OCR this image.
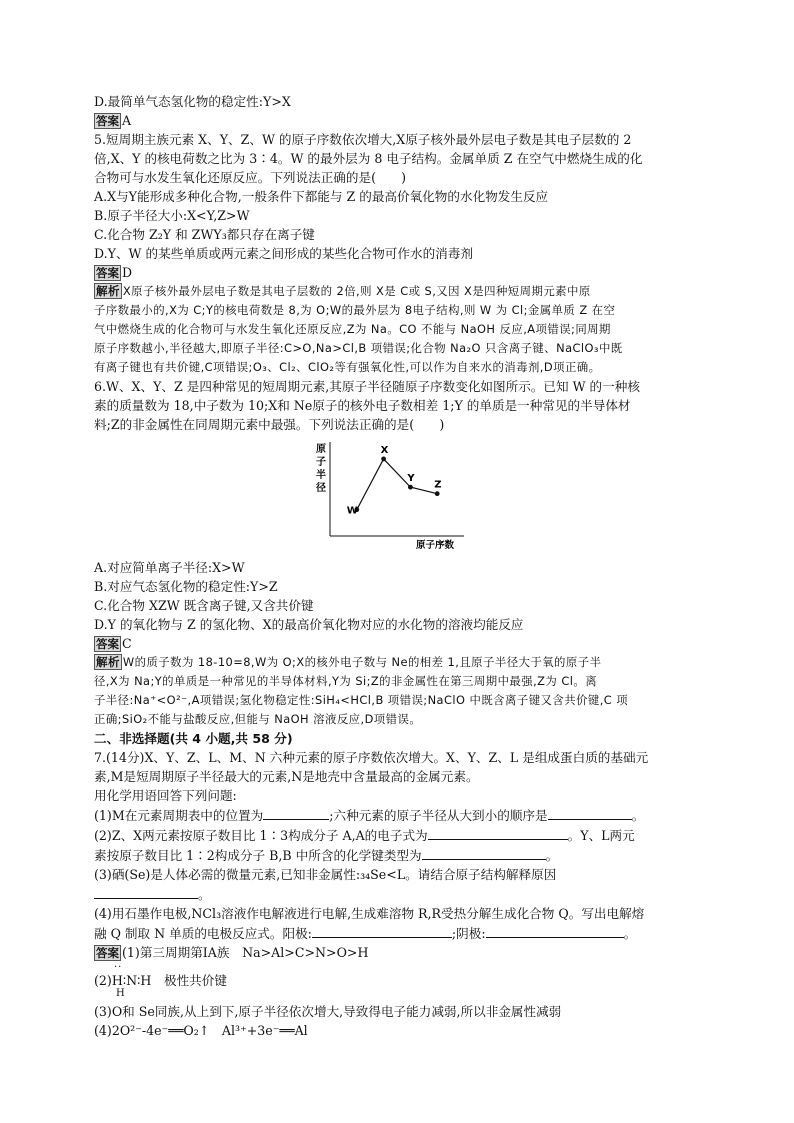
D.最简单气态氢化物的稳定性:Y>X
答案 A
5.短周期主族元素 X、Y、Z、W 的原子序数依次增大,X原子核外最外层电子数是其电子层数的 2
倍,X、Y 的核电荷数之比为 3∶4。W 的最外层为 8 电子结构。金属单质 Z 在空气中燃烧生成的化
合物可与水发生氧化还原反应。下列说法正确的是(　　)
A.X与Y能形成多种化合物,一般条件下都能与 Z 的最高价氧化物的水化物发生反应
B.原子半径大小:X<Y,Z>W
C.化合物 Z₂Y 和 ZWY₃都只存在离子键
D.Y、W 的某些单质或两元素之间形成的某些化合物可作水的消毒剂
答案 D
解析 X原子核外最外层电子数是其电子层数的 2倍,则 X是 C或 S,又因 X是四种短周期元素中原
子序数最小的,X为 C;Y的核电荷数是 8,为 O;W的最外层为 8电子结构,则 W 为 Cl;金属单质 Z 在空
气中燃烧生成的化合物可与水发生氧化还原反应,Z为 Na。CO 不能与 NaOH 反应,A项错误;同周期
原子序数越小,半径越大,即原子半径:C>O,Na>Cl,B 项错误;化合物 Na₂O 只含离子键、NaClO₃中既
有离子键也有共价键,C项错误;O₃、Cl₂、ClO₂等有强氧化性,可以作为自来水的消毒剂,D项正确。
6.W、X、Y、Z 是四种常见的短周期元素,其原子半径随原子序数变化如图所示。已知 W 的一种核
素的质量数为 18,中子数为 10;X和 Ne原子的核外电子数相差 1;Y 的单质是一种常见的半导体材
料;Z的非金属性在同周期元素中最强。下列说法正确的是(　　)
原子半径
原子序数
W
X
Y
Z
A.对应简单离子半径:X>W
B.对应气态氢化物的稳定性:Y>Z
C.化合物 XZW 既含离子键,又含共价键
D.Y 的氧化物与 Z 的氢化物、X的最高价氧化物对应的水化物的溶液均能反应
答案 C
解析 W的质子数为 18-10=8,W为 O;X的核外电子数与 Ne的相差 1,且原子半径大于氧的原子半
径,X为 Na;Y的单质是一种常见的半导体材料,Y为 Si;Z的非金属性在第三周期中最强,Z为 Cl。离
子半径:Na⁺<O²⁻,A项错误;氢化物稳定性:SiH₄<HCl,B 项错误;NaClO 中既含离子键又含共价键,C 项
正确;SiO₂不能与盐酸反应,但能与 NaOH 溶液反应,D项错误。
二、非选择题(共 4 小题,共 58 分)
7.(14分)X、Y、Z、L、M、N 六种元素的原子序数依次增大。X、Y、Z、L 是组成蛋白质的基础元
素,M是短周期原子半径最大的元素,N是地壳中含量最高的金属元素。
用化学用语回答下列问题:
(1)M在元素周期表中的位置为	;六种元素的原子半径从大到小的顺序是	。
(2)Z、X两元素按原子数目比 1∶3构成分子 A,A的电子式为	。Y、L两元
素按原子数目比 1∶2构成分子 B,B 中所含的化学键类型为	。
(3)硒(Se)是人体必需的微量元素,已知非金属性:₃₄Se<L。请结合原子结构解释原因
。
(4)用石墨作电极,NCl₃溶液作电解液进行电解,生成难溶物 R,R受热分解生成化合物 Q。写出电解熔
融 Q 制取 N 单质的电极反应式。阳极:	;阴极:	。
答案 (1)第三周期第ⅠA族　Na>Al>C>N>O>H
··
(2)H∶N∶H　极性共价键
H
(3)O和 Se同族,从上到下,原子半径依次增大,导致得电子能力减弱,所以非金属性减弱
(4)2O²⁻-4e⁻══O₂↑　Al³⁺+3e⁻══Al
